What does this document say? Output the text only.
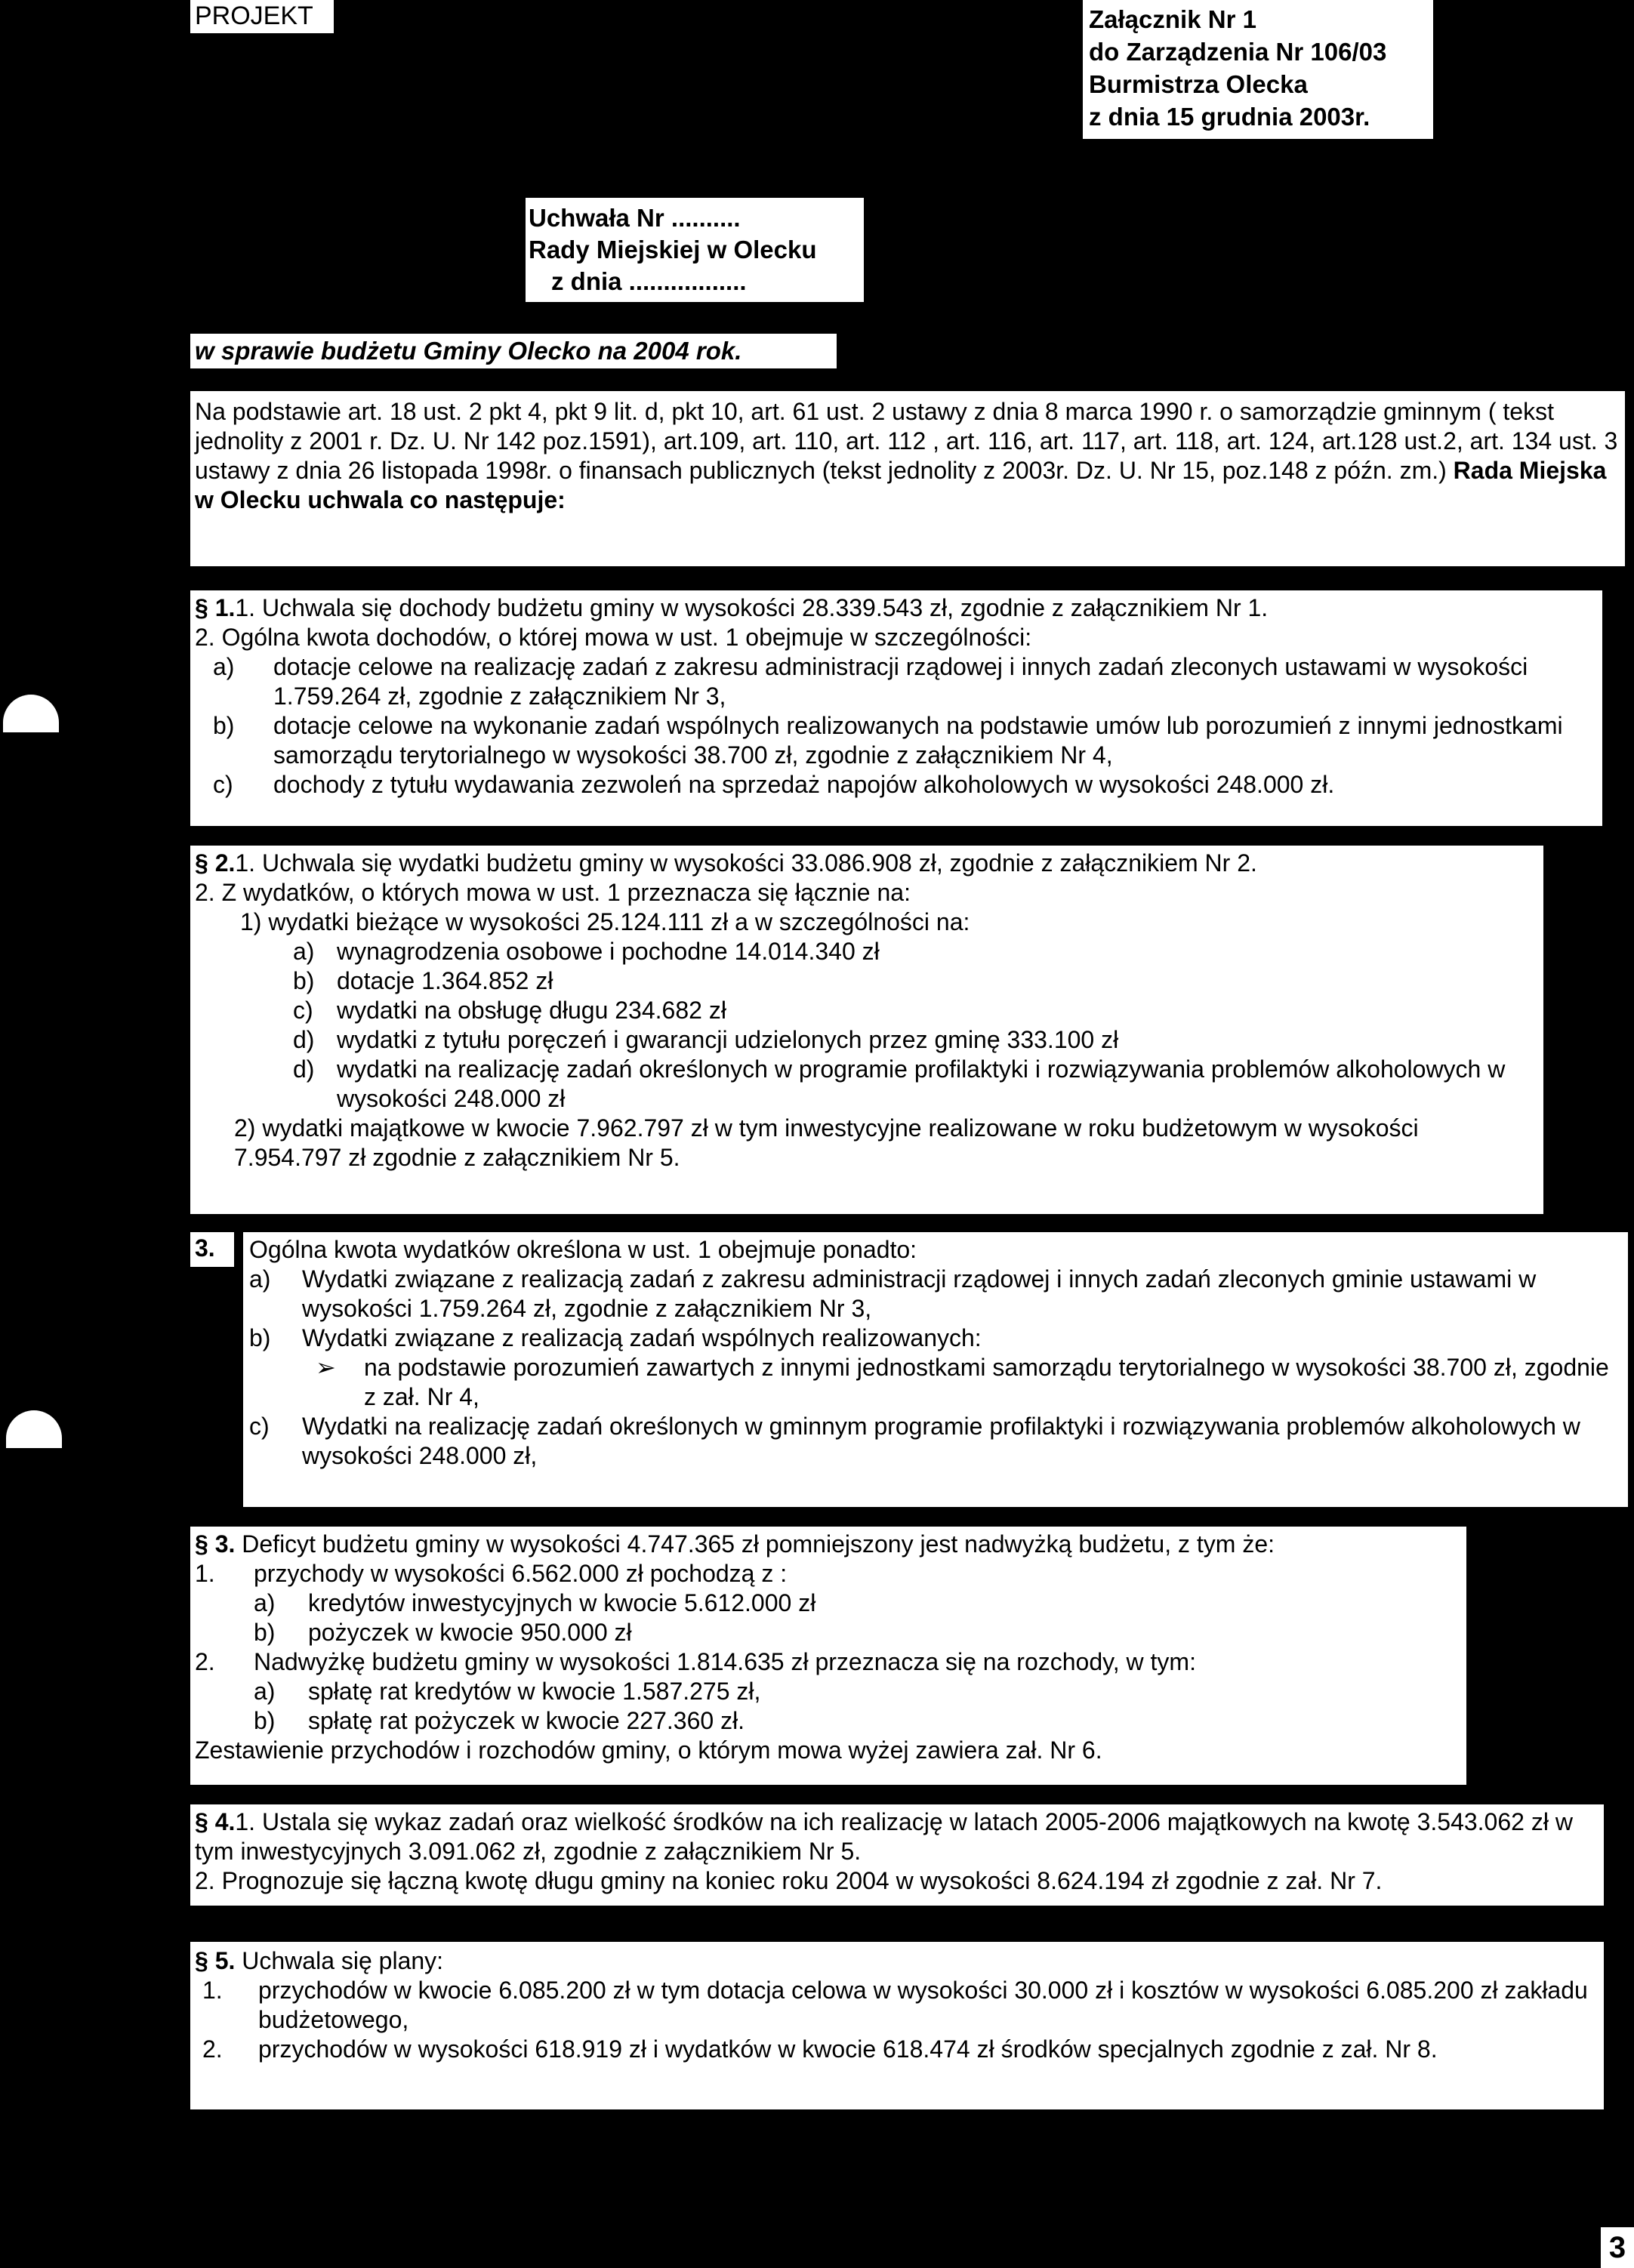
PROJEKT	Załącznik Nr 1
do Zarządzenia Nr 106/03
Burmistrza Olecka
z dnia 15 grudnia 2003r.
Uchwała Nr ..........
Rady Miejskiej w Olecku
z dnia .................
w sprawie budżetu Gminy Olecko na 2004 rok.
Na podstawie art. 18 ust. 2 pkt 4, pkt 9 lit. d, pkt 10, art. 61 ust. 2 ustawy z dnia 8 marca 1990 r. o samorządzie gminnym ( tekst jednolity z 2001 r. Dz. U. Nr 142 poz.1591), art.109, art. 110, art. 112 , art. 116, art. 117, art. 118, art. 124, art.128 ust.2, art. 134 ust. 3 ustawy z dnia 26 listopada 1998r. o finansach publicznych (tekst jednolity z 2003r. Dz. U. Nr 15, poz.148 z późn. zm.) Rada Miejska w Olecku uchwala co następuje:
§ 1.1. Uchwala się dochody budżetu gminy w wysokości 28.339.543 zł, zgodnie z załącznikiem Nr 1.
2. Ogólna kwota dochodów, o której mowa w ust. 1 obejmuje w szczególności:
a)	dotacje celowe na realizację zadań z zakresu administracji rządowej i innych zadań zleconych ustawami w wysokości 1.759.264 zł, zgodnie z załącznikiem Nr 3,
b)	dotacje celowe na wykonanie zadań wspólnych realizowanych na podstawie umów lub porozumień z innymi jednostkami samorządu terytorialnego w wysokości 38.700 zł, zgodnie z załącznikiem Nr 4,
c)	dochody z tytułu wydawania zezwoleń na sprzedaż napojów alkoholowych w wysokości 248.000 zł.
§ 2.1. Uchwala się wydatki budżetu gminy w wysokości 33.086.908 zł, zgodnie z załącznikiem Nr 2.
2. Z wydatków, o których mowa w ust. 1 przeznacza się łącznie na:
1) wydatki bieżące w wysokości 25.124.111 zł a w szczególności na:
a) wynagrodzenia osobowe i pochodne 14.014.340 zł
b) dotacje 1.364.852 zł
c) wydatki na obsługę długu 234.682 zł
d) wydatki z tytułu poręczeń i gwarancji udzielonych przez gminę 333.100 zł
d) wydatki na realizację zadań określonych w programie profilaktyki i rozwiązywania problemów alkoholowych w wysokości 248.000 zł
2) wydatki majątkowe w kwocie 7.962.797 zł w tym inwestycyjne realizowane w roku budżetowym w wysokości 7.954.797 zł zgodnie z załącznikiem Nr 5.
Ogólna kwota wydatków określona w ust. 1 obejmuje ponadto:
a)	Wydatki związane z realizacją zadań z zakresu administracji rządowej i innych zadań zleconych gminie ustawami w wysokości 1.759.264 zł, zgodnie z załącznikiem Nr 3,
b)	Wydatki związane z realizacją zadań wspólnych realizowanych:
➢	na podstawie porozumień zawartych z innymi jednostkami samorządu terytorialnego w wysokości 38.700 zł, zgodnie z zał. Nr 4,
c)	Wydatki na realizację zadań określonych w gminnym programie profilaktyki i rozwiązywania problemów alkoholowych w wysokości 248.000 zł,
3.
§ 3. Deficyt budżetu gminy w wysokości 4.747.365 zł pomniejszony jest nadwyżką budżetu, z tym że:
1.	przychody w wysokości 6.562.000 zł pochodzą z :
a)	kredytów inwestycyjnych w kwocie 5.612.000 zł
b)	pożyczek w kwocie 950.000 zł
2.	Nadwyżkę budżetu gminy w wysokości 1.814.635 zł przeznacza się na rozchody, w tym:
a)	spłatę rat kredytów w kwocie 1.587.275 zł,
b)	spłatę rat pożyczek w kwocie 227.360 zł.
Zestawienie przychodów i rozchodów gminy, o którym mowa wyżej zawiera zał. Nr 6.
§ 4.1. Ustala się wykaz zadań oraz wielkość środków na ich realizację w latach 2005-2006 majątkowych na kwotę 3.543.062 zł w tym inwestycyjnych 3.091.062 zł, zgodnie z załącznikiem Nr 5.
2. Prognozuje się łączną kwotę długu gminy na koniec roku 2004 w wysokości 8.624.194 zł zgodnie z zał. Nr 7.
§ 5. Uchwala się plany:
1.	przychodów w kwocie 6.085.200 zł w tym dotacja celowa w wysokości 30.000 zł i kosztów w wysokości 6.085.200 zł zakładu budżetowego,
2.	przychodów w wysokości 618.919 zł i wydatków w kwocie 618.474 zł środków specjalnych zgodnie z zał. Nr 8.
3
